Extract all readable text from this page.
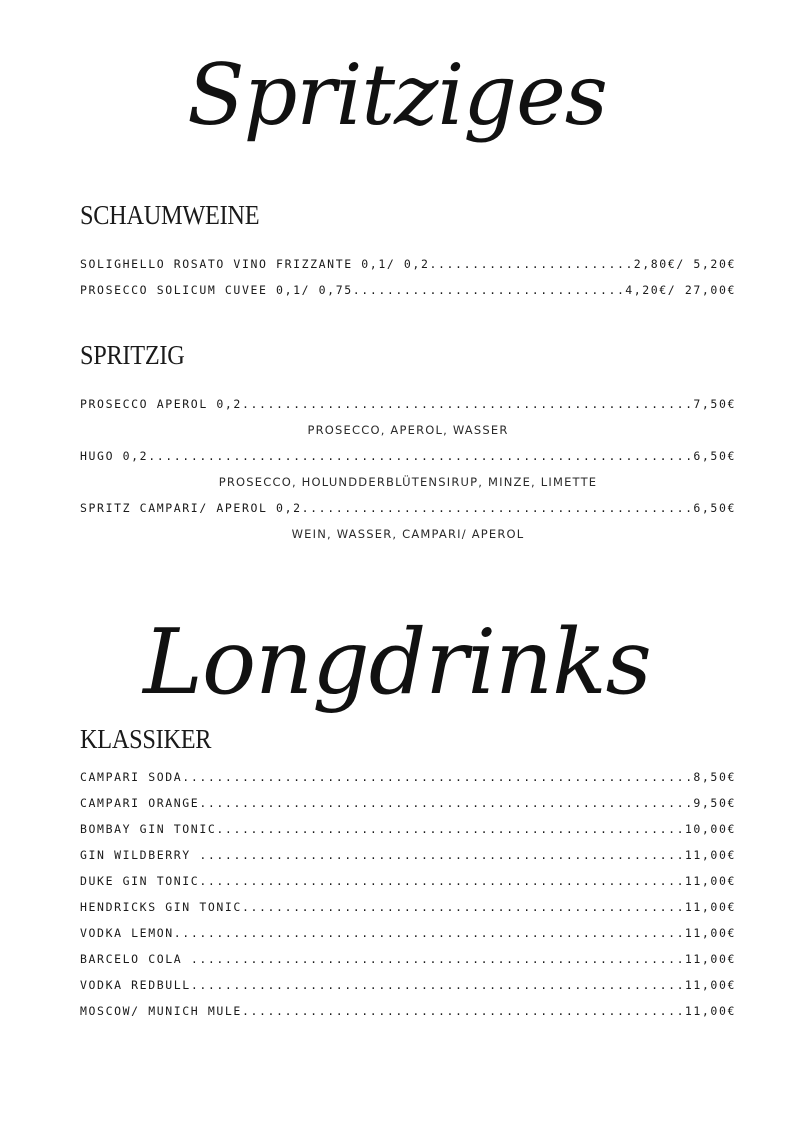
Spritziges
SCHAUMWEINE
SOLIGHELLO ROSATO VINO FRIZZANTE 0,1/ 0,2 .....	2,80€/ 5,20€
PROSECCO SOLICUM CUVEE 0,1/ 0,75 .....	4,20€/ 27,00€
SPRITZIG
PROSECCO APEROL 0,2 .....	7,50€
PROSECCO, APEROL, WASSER
HUGO 0,2 .....	6,50€
PROSECCO, HOLUNDDERBLÜTENSIRUP, MINZE, LIMETTE
SPRITZ CAMPARI/ APEROL 0,2 .....	6,50€
WEIN, WASSER, CAMPARI/ APEROL
Longdrinks
KLASSIKER
CAMPARI SODA .....	8,50€
CAMPARI ORANGE .....	9,50€
BOMBAY GIN TONIC .....	10,00€
GIN WILDBERRY .....	11,00€
DUKE GIN TONIC .....	11,00€
HENDRICKS GIN TONIC .....	11,00€
VODKA LEMON .....	11,00€
BARCELO COLA .....	11,00€
VODKA REDBULL .....	11,00€
MOSCOW/ MUNICH MULE .....	11,00€
